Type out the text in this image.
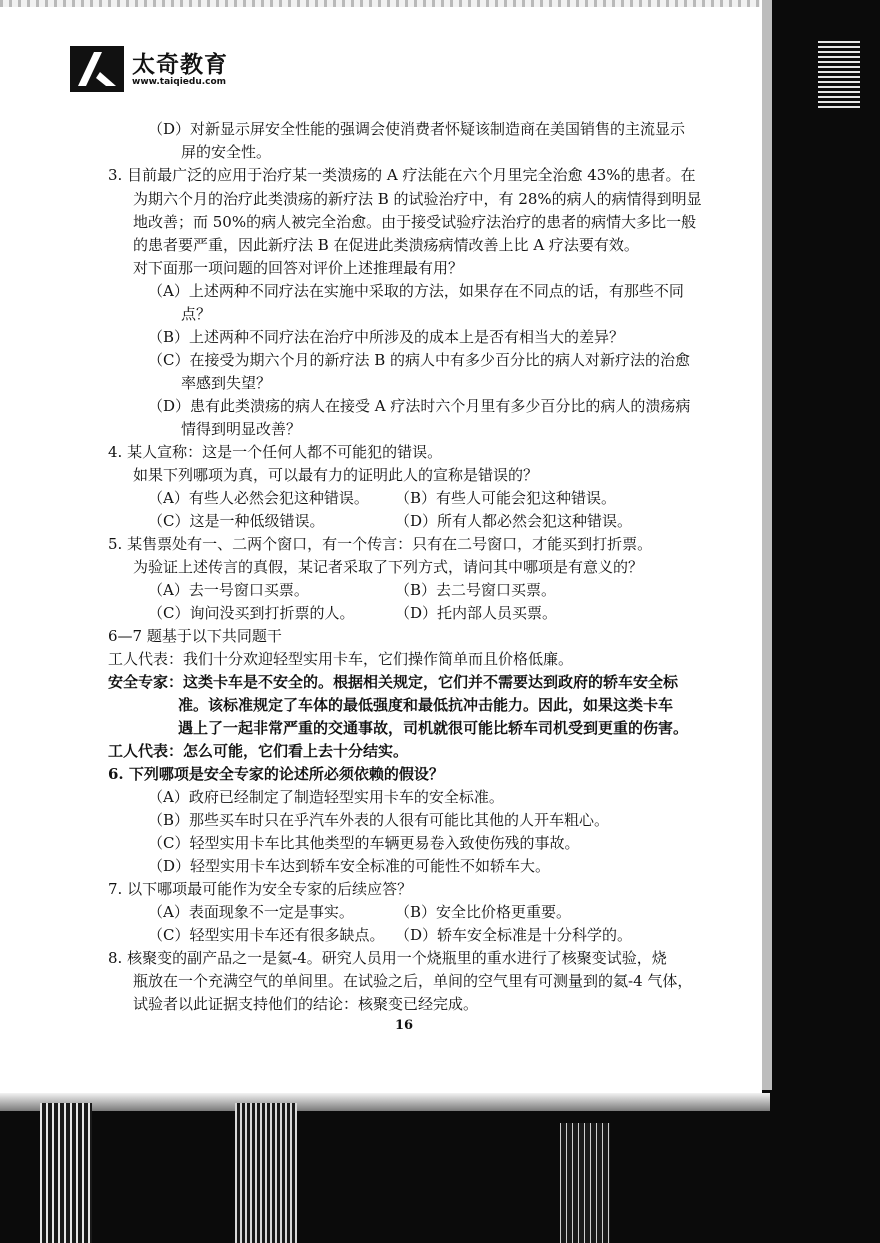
太奇教育
www.taiqiedu.com
（D）对新显示屏安全性能的强调会使消费者怀疑该制造商在美国销售的主流显示
屏的安全性。
3. 目前最广泛的应用于治疗某一类溃疡的 A 疗法能在六个月里完全治愈 43%的患者。在
为期六个月的治疗此类溃疡的新疗法 B 的试验治疗中，有 28%的病人的病情得到明显
地改善；而 50%的病人被完全治愈。由于接受试验疗法治疗的患者的病情大多比一般
的患者要严重，因此新疗法 B 在促进此类溃疡病情改善上比 A 疗法要有效。
对下面那一项问题的回答对评价上述推理最有用？
（A）上述两种不同疗法在实施中采取的方法，如果存在不同点的话，有那些不同
点？
（B）上述两种不同疗法在治疗中所涉及的成本上是否有相当大的差异？
（C）在接受为期六个月的新疗法 B 的病人中有多少百分比的病人对新疗法的治愈
率感到失望？
（D）患有此类溃疡的病人在接受 A 疗法时六个月里有多少百分比的病人的溃疡病
情得到明显改善？
4. 某人宣称：这是一个任何人都不可能犯的错误。
如果下列哪项为真，可以最有力的证明此人的宣称是错误的？
（A）有些人必然会犯这种错误。 （B）有些人可能会犯这种错误。
（C）这是一种低级错误。	（D）所有人都必然会犯这种错误。
5. 某售票处有一、二两个窗口，有一个传言：只有在二号窗口，才能买到打折票。
为验证上述传言的真假，某记者采取了下列方式，请问其中哪项是有意义的？
（A）去一号窗口买票。	（B）去二号窗口买票。
（C）询问没买到打折票的人。	（D）托内部人员买票。
6—7 题基于以下共同题干
工人代表：我们十分欢迎轻型实用卡车，它们操作简单而且价格低廉。
安全专家：这类卡车是不安全的。根据相关规定，它们并不需要达到政府的轿车安全标
准。该标准规定了车体的最低强度和最低抗冲击能力。因此，如果这类卡车
遇上了一起非常严重的交通事故，司机就很可能比轿车司机受到更重的伤害。
工人代表：怎么可能，它们看上去十分结实。
6. 下列哪项是安全专家的论述所必须依赖的假设？
（A）政府已经制定了制造轻型实用卡车的安全标准。
（B）那些买车时只在乎汽车外表的人很有可能比其他的人开车粗心。
（C）轻型实用卡车比其他类型的车辆更易卷入致使伤残的事故。
（D）轻型实用卡车达到轿车安全标准的可能性不如轿车大。
7. 以下哪项最可能作为安全专家的后续应答？
（A）表面现象不一定是事实。	（B）安全比价格更重要。
（C）轻型实用卡车还有很多缺点。 （D）轿车安全标准是十分科学的。
8. 核聚变的副产品之一是氦-4。研究人员用一个烧瓶里的重水进行了核聚变试验，烧
瓶放在一个充满空气的单间里。在试验之后，单间的空气里有可测量到的氦-4 气体，
试验者以此证据支持他们的结论：核聚变已经完成。
16
